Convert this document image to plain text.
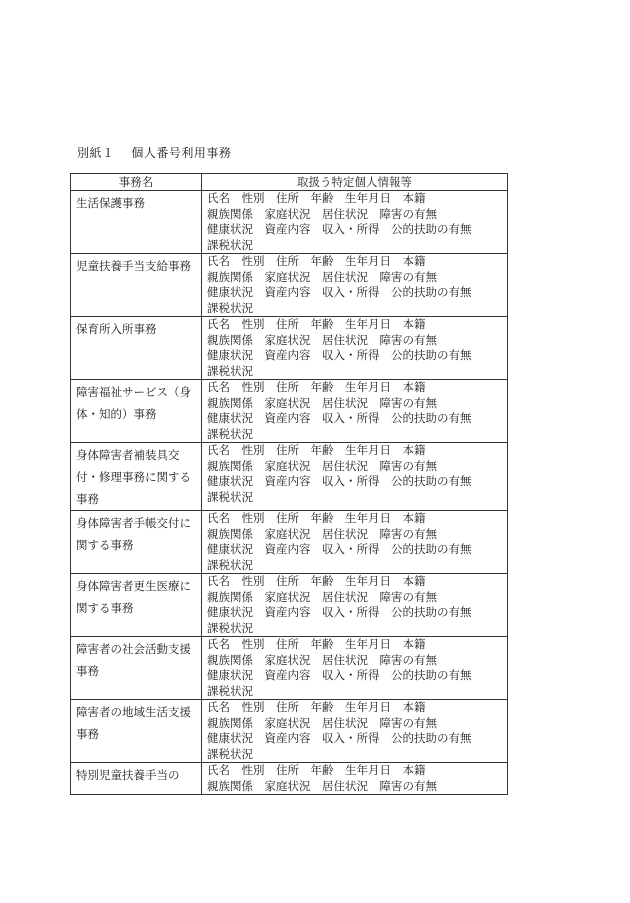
別紙１　 個人番号利用事務
事務名	取扱う特定個人情報等
生活保護事務	氏名　性別　住所　年齢　生年月日　本籍
親族関係　家庭状況　居住状況　障害の有無
健康状況　資産内容　収入・所得　公的扶助の有無
課税状況

児童扶養手当支給事務	氏名　性別　住所　年齢　生年月日　本籍
親族関係　家庭状況　居住状況　障害の有無
健康状況　資産内容　収入・所得　公的扶助の有無
課税状況

保育所入所事務	氏名　性別　住所　年齢　生年月日　本籍
親族関係　家庭状況　居住状況　障害の有無
健康状況　資産内容　収入・所得　公的扶助の有無
課税状況

障害福祉サービス（身体・知的）事務	氏名　性別　住所　年齢　生年月日　本籍
親族関係　家庭状況　居住状況　障害の有無
健康状況　資産内容　収入・所得　公的扶助の有無
課税状況

身体障害者補装具交付・修理事務に関する事務	氏名　性別　住所　年齢　生年月日　本籍
親族関係　家庭状況　居住状況　障害の有無
健康状況　資産内容　収入・所得　公的扶助の有無
課税状況

身体障害者手帳交付に関する事務	氏名　性別　住所　年齢　生年月日　本籍
親族関係　家庭状況　居住状況　障害の有無
健康状況　資産内容　収入・所得　公的扶助の有無
課税状況

身体障害者更生医療に関する事務	氏名　性別　住所　年齢　生年月日　本籍
親族関係　家庭状況　居住状況　障害の有無
健康状況　資産内容　収入・所得　公的扶助の有無
課税状況

障害者の社会活動支援事務	氏名　性別　住所　年齢　生年月日　本籍
親族関係　家庭状況　居住状況　障害の有無
健康状況　資産内容　収入・所得　公的扶助の有無
課税状況

障害者の地域生活支援事務	氏名　性別　住所　年齢　生年月日　本籍
親族関係　家庭状況　居住状況　障害の有無
健康状況　資産内容　収入・所得　公的扶助の有無
課税状況

特別児童扶養手当の	氏名　性別　住所　年齢　生年月日　本籍
親族関係　家庭状況　居住状況　障害の有無
